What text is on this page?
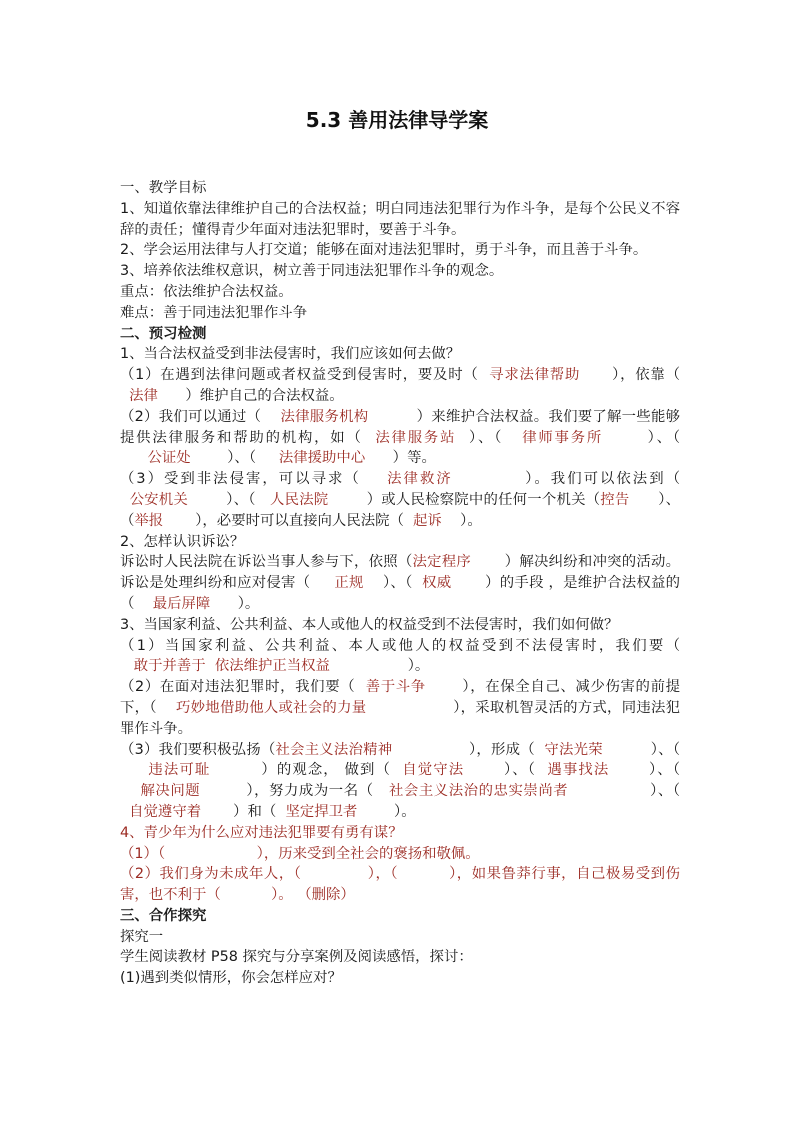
5.3 善用法律导学案

一、教学目标

1、知道依靠法律维护自己的合法权益；明白同违法犯罪行为作斗争，是每个公民义不容辞的责任；懂得青少年面对违法犯罪时，要善于斗争。

2、学会运用法律与人打交道；能够在面对违法犯罪时，勇于斗争，而且善于斗争。

3、培养依法维权意识，树立善于同违法犯罪作斗争的观念。

重点：依法维护合法权益。

难点：善于同违法犯罪作斗争

二、预习检测

1、当合法权益受到非法侵害时，我们应该如何去做？

（1）在遇到法律问题或者权益受到侵害时，要及时（  寻求法律帮助      ），依靠（  法律      ）维护自己的合法权益。

（2）我们可以通过（    法律服务机构          ）来维护合法权益。我们要了解一些能够提供法律服务和帮助的机构，如（  法律服务站  ）、（   律师事务所       ）、（      公证处        ）、（     法律援助中心      ）等。

（3）受到非法侵害，可以寻求（    法律救济           ）。我们可以依法到（  公安机关        ）、（   人民法院        ）或人民检察院中的任何一个机关（控告      ）、（举报       ），必要时可以直接向人民法院（  起诉    ）。

2、怎样认识诉讼？

诉讼时人民法院在诉讼当事人参与下，依照（法定程序       ）解决纠纷和冲突的活动。诉讼是处理纠纷和应对侵害（     正规    ）、（  权威       ）的手段 ，是维护合法权益的（    最后屏障      ）。

3、当国家利益、公共利益、本人或他人的权益受到不法侵害时，我们如何做？

（1）当国家利益、公共利益、本人或他人的权益受到不法侵害时，我们要（   敢于并善于  依法维护正当权益                 ）。

（2）在面对违法犯罪时，我们要（  善于斗争       ），在保全自己、减少伤害的前提下，（    巧妙地借助他人或社会的力量                  ），采取机智灵活的方式，同违法犯罪作斗争。

（3）我们要积极弘扬（社会主义法治精神                ），形成（  守法光荣          ）、（     违法可耻         ）的观念， 做到（  自觉守法       ）、（  遇事找法       ）、（    解决问题         ），努力成为一名（   社会主义法治的忠实崇尚者                ）、（  自觉遵守着       ）和（  坚定捍卫者        ）。

4、青少年为什么应对违法犯罪要有勇有谋？

（1）（	），历来受到全社会的褒扬和敬佩。

（2）我们身为未成年人，（	），（	），如果鲁莽行事，自己极易受到伤害，也不利于（	）。 （删除）

三、合作探究

探究一

学生阅读教材 P58 探究与分享案例及阅读感悟，探讨：

(1)遇到类似情形，你会怎样应对？
